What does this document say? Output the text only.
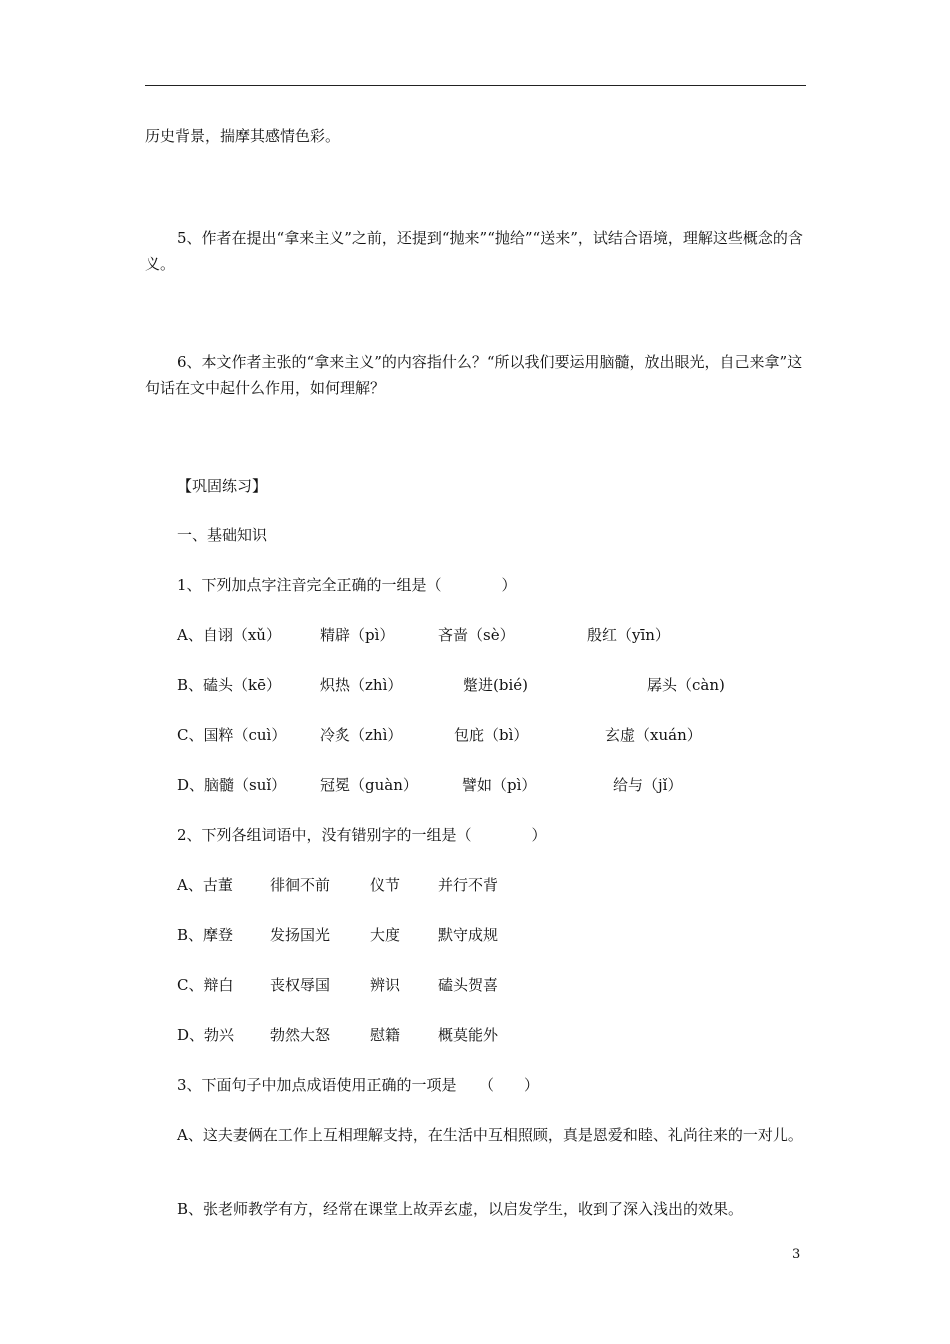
历史背景，揣摩其感情色彩。
5、作者在提出“拿来主义”之前，还提到“抛来”“抛给”“送来”，试结合语境，理解这些概念的含义。
6、本文作者主张的“拿来主义”的内容指什么？“所以我们要运用脑髓，放出眼光，自己来拿”这句话在文中起什么作用，如何理解？
【巩固练习】
一、基础知识
1、下列加点字注音完全正确的一组是（　　　　）
A、自诩（xǔ）	精辟（pì）	吝啬（sè）	殷红（yīn）
B、磕头（kē）	炽热（zhì）	蹩进(bié)	孱头（càn)
C、国粹（cuì） 冷炙（zhì）	包庇（bì）	玄虚（xuán）
D、脑髓（suǐ） 冠冕（guàn）	譬如（pì）	给与（jǐ）
2、下列各组词语中，没有错别字的一组是（　　　　）
A、古董 徘徊不前	仪节	并行不背
B、摩登 发扬国光	大度	默守成规
C、辩白 丧权辱国	辨识	磕头贺喜
D、勃兴 勃然大怒	慰籍	概莫能外
3、下面句子中加点成语使用正确的一项是　　（　　）
A、这夫妻俩在工作上互相理解支持，在生活中互相照顾，真是恩爱和睦、礼尚往来的一对儿。
B、张老师教学有方，经常在课堂上故弄玄虚，以启发学生，收到了深入浅出的效果。
3
